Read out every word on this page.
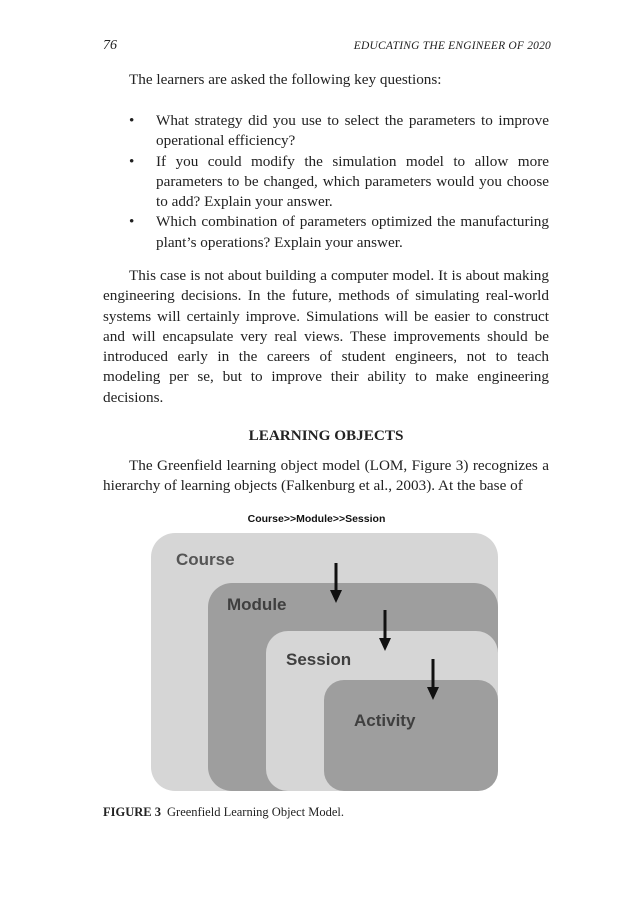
76	EDUCATING THE ENGINEER OF 2020
The learners are asked the following key questions:
• What strategy did you use to select the parameters to improve operational efficiency?
• If you could modify the simulation model to allow more parameters to be changed, which parameters would you choose to add? Explain your answer.
• Which combination of parameters optimized the manufacturing plant’s operations? Explain your answer.
This case is not about building a computer model. It is about making engineering decisions. In the future, methods of simulating real-world systems will certainly improve. Simulations will be easier to construct and will encapsulate very real views. These improvements should be introduced early in the careers of student engineers, not to teach modeling per se, but to improve their ability to make engineering decisions.
LEARNING OBJECTS
The Greenfield learning object model (LOM, Figure 3) recognizes a hierarchy of learning objects (Falkenburg et al., 2003). At the base of
Course>>Module>>Session
Course
Module
Session
Activity
FIGURE 3 Greenfield Learning Object Model.
